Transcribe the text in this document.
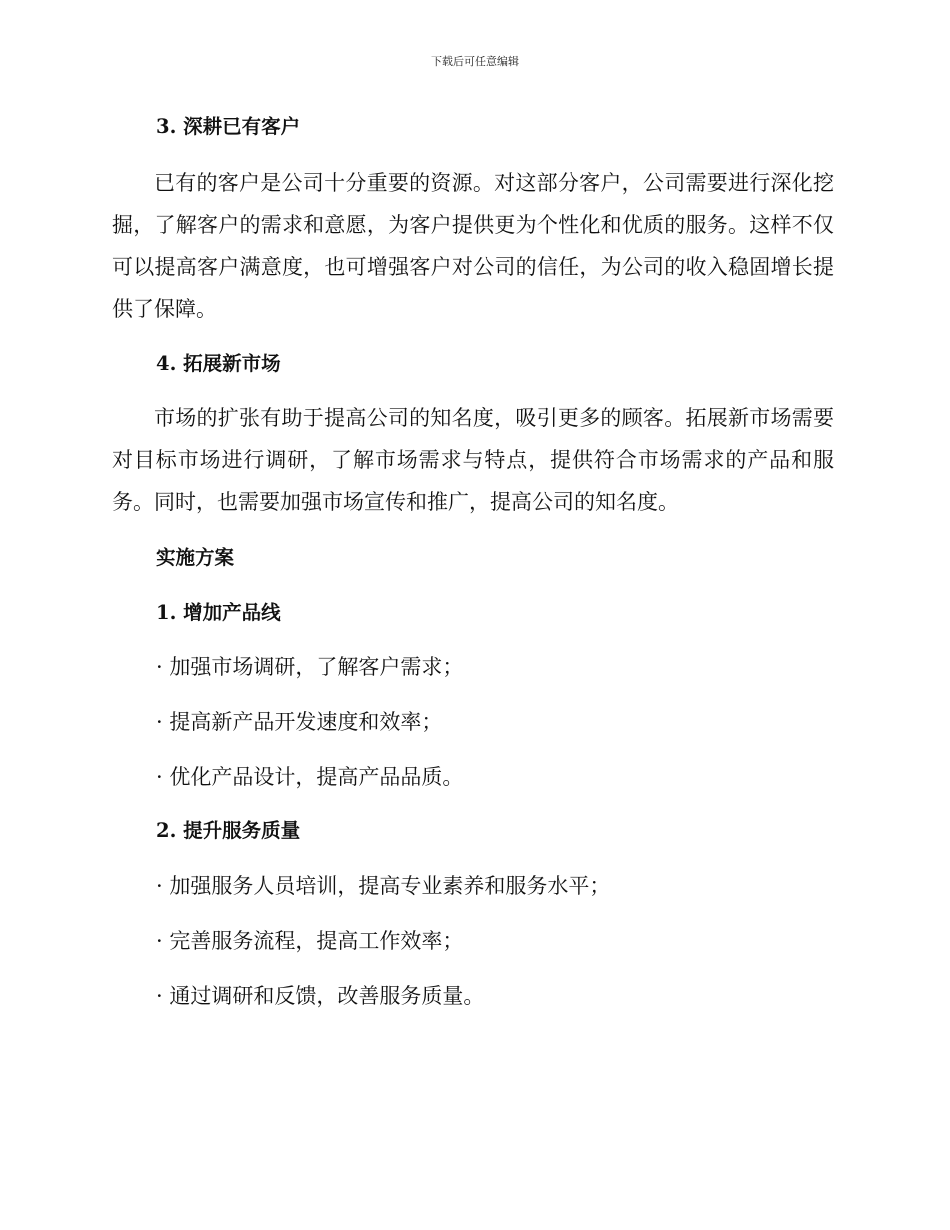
下载后可任意编辑
3. 深耕已有客户

已有的客户是公司十分重要的资源。对这部分客户，公司需要进行深化挖掘，了解客户的需求和意愿，为客户提供更为个性化和优质的服务。这样不仅可以提高客户满意度，也可增强客户对公司的信任，为公司的收入稳固增长提供了保障。

4. 拓展新市场

市场的扩张有助于提高公司的知名度，吸引更多的顾客。拓展新市场需要对目标市场进行调研，了解市场需求与特点，提供符合市场需求的产品和服务。同时，也需要加强市场宣传和推广，提高公司的知名度。

实施方案
1. 增加产品线
· 加强市场调研，了解客户需求；
· 提高新产品开发速度和效率；
· 优化产品设计，提高产品品质。
2. 提升服务质量
· 加强服务人员培训，提高专业素养和服务水平；
· 完善服务流程，提高工作效率；
· 通过调研和反馈，改善服务质量。
